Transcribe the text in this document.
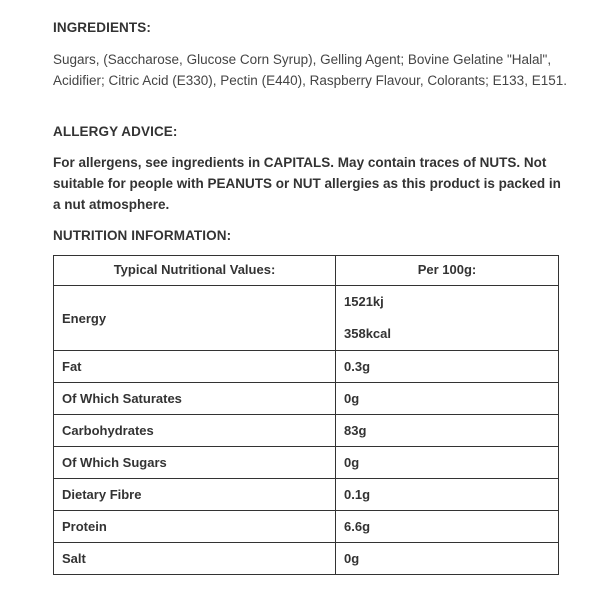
INGREDIENTS:
Sugars, (Saccharose, Glucose Corn Syrup), Gelling Agent; Bovine Gelatine "Halal", Acidifier; Citric Acid (E330), Pectin (E440), Raspberry Flavour, Colorants; E133, E151.
ALLERGY ADVICE:
For allergens, see ingredients in CAPITALS. May contain traces of NUTS. Not suitable for people with PEANUTS or NUT allergies as this product is packed in a nut atmosphere.
NUTRITION INFORMATION:
Typical Nutritional Values:	Per 100g:
Energy	1521kj
358kcal

Fat	0.3g
Of Which Saturates	0g
Carbohydrates	83g
Of Which Sugars	0g
Dietary Fibre	0.1g
Protein	6.6g
Salt	0g
